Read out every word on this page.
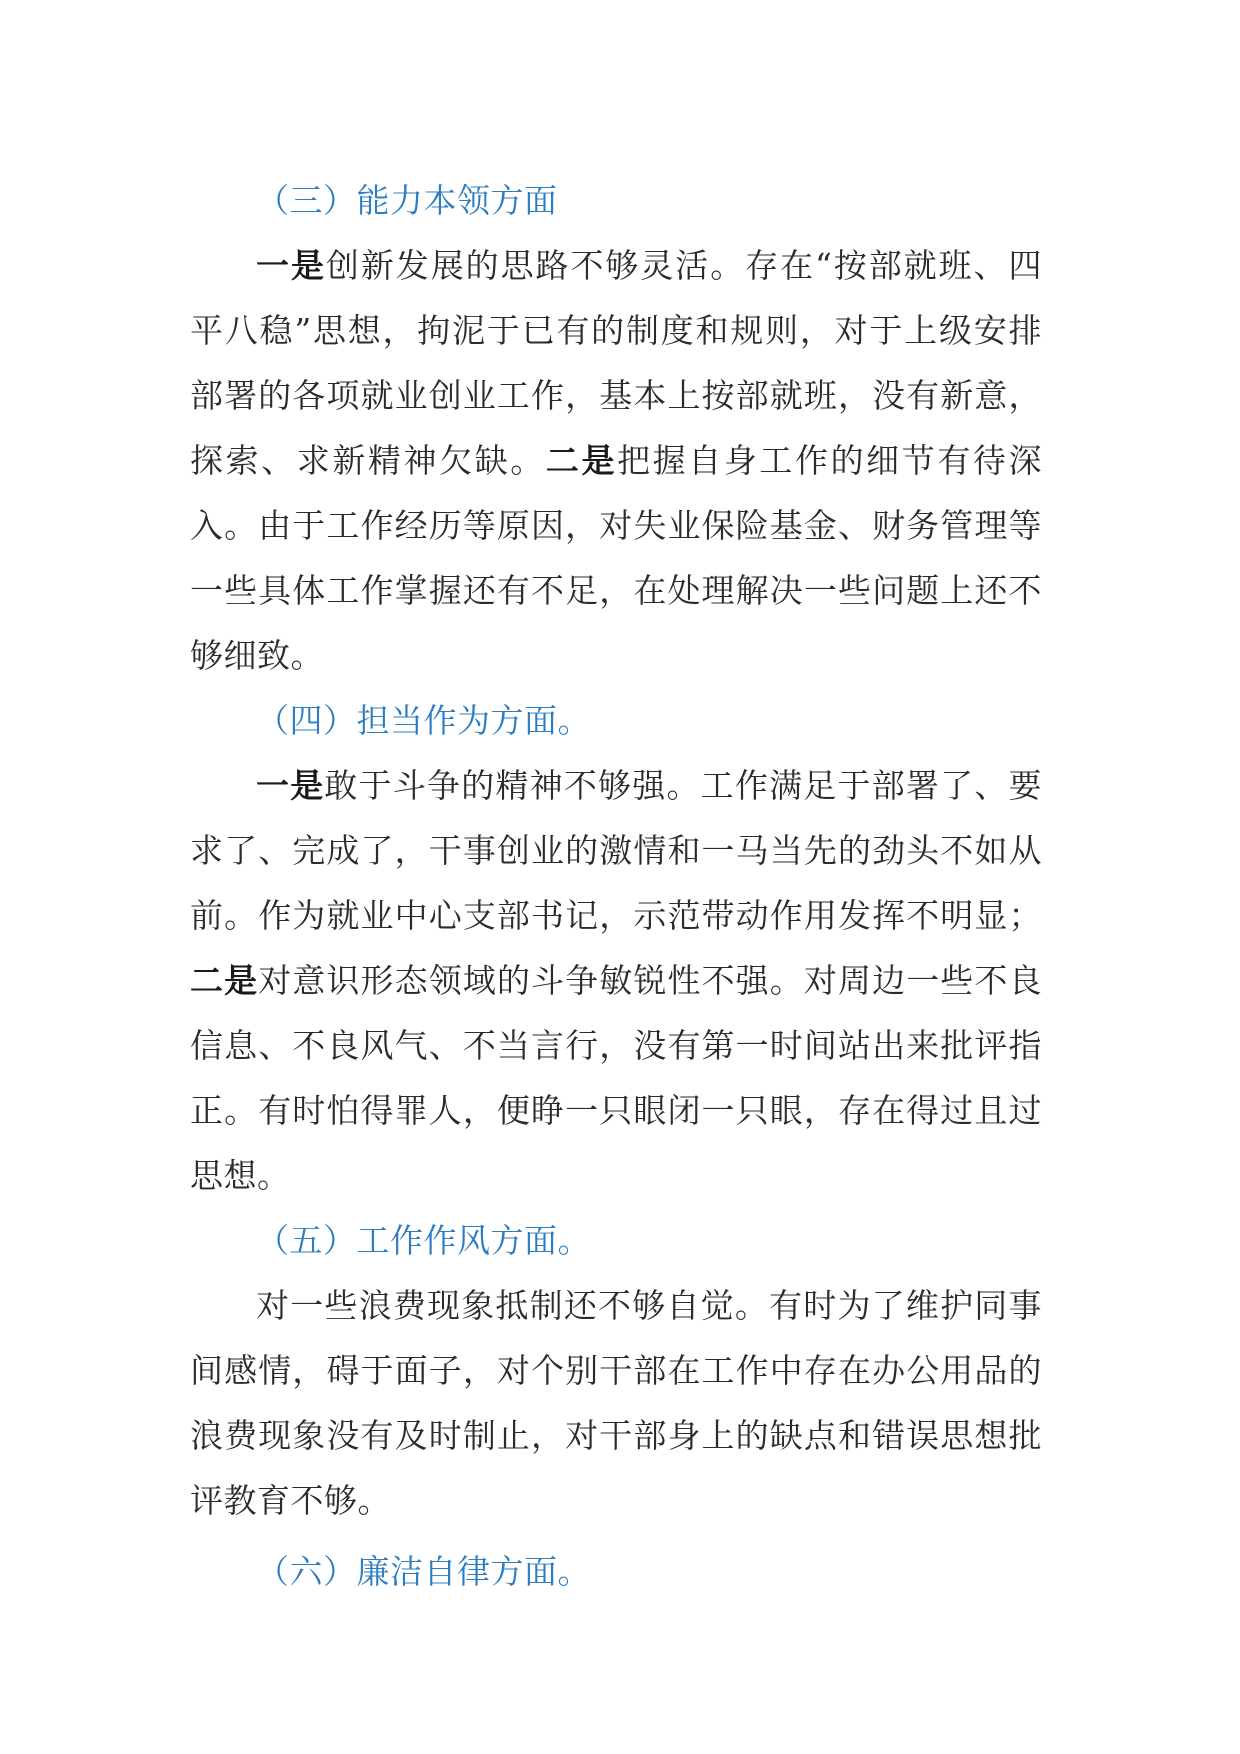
（三）能力本领方面

一是创新发展的思路不够灵活。存在“按部就班、四平八稳”思想，拘泥于已有的制度和规则，对于上级安排部署的各项就业创业工作，基本上按部就班，没有新意，探索、求新精神欠缺。二是把握自身工作的细节有待深入。由于工作经历等原因，对失业保险基金、财务管理等一些具体工作掌握还有不足，在处理解决一些问题上还不够细致。

（四）担当作为方面。

一是敢于斗争的精神不够强。工作满足于部署了、要求了、完成了，干事创业的激情和一马当先的劲头不如从前。作为就业中心支部书记，示范带动作用发挥不明显；二是对意识形态领域的斗争敏锐性不强。对周边一些不良信息、不良风气、不当言行，没有第一时间站出来批评指正。有时怕得罪人，便睁一只眼闭一只眼，存在得过且过思想。

（五）工作作风方面。

对一些浪费现象抵制还不够自觉。有时为了维护同事间感情，碍于面子，对个别干部在工作中存在办公用品的浪费现象没有及时制止，对干部身上的缺点和错误思想批评教育不够。

（六）廉洁自律方面。
